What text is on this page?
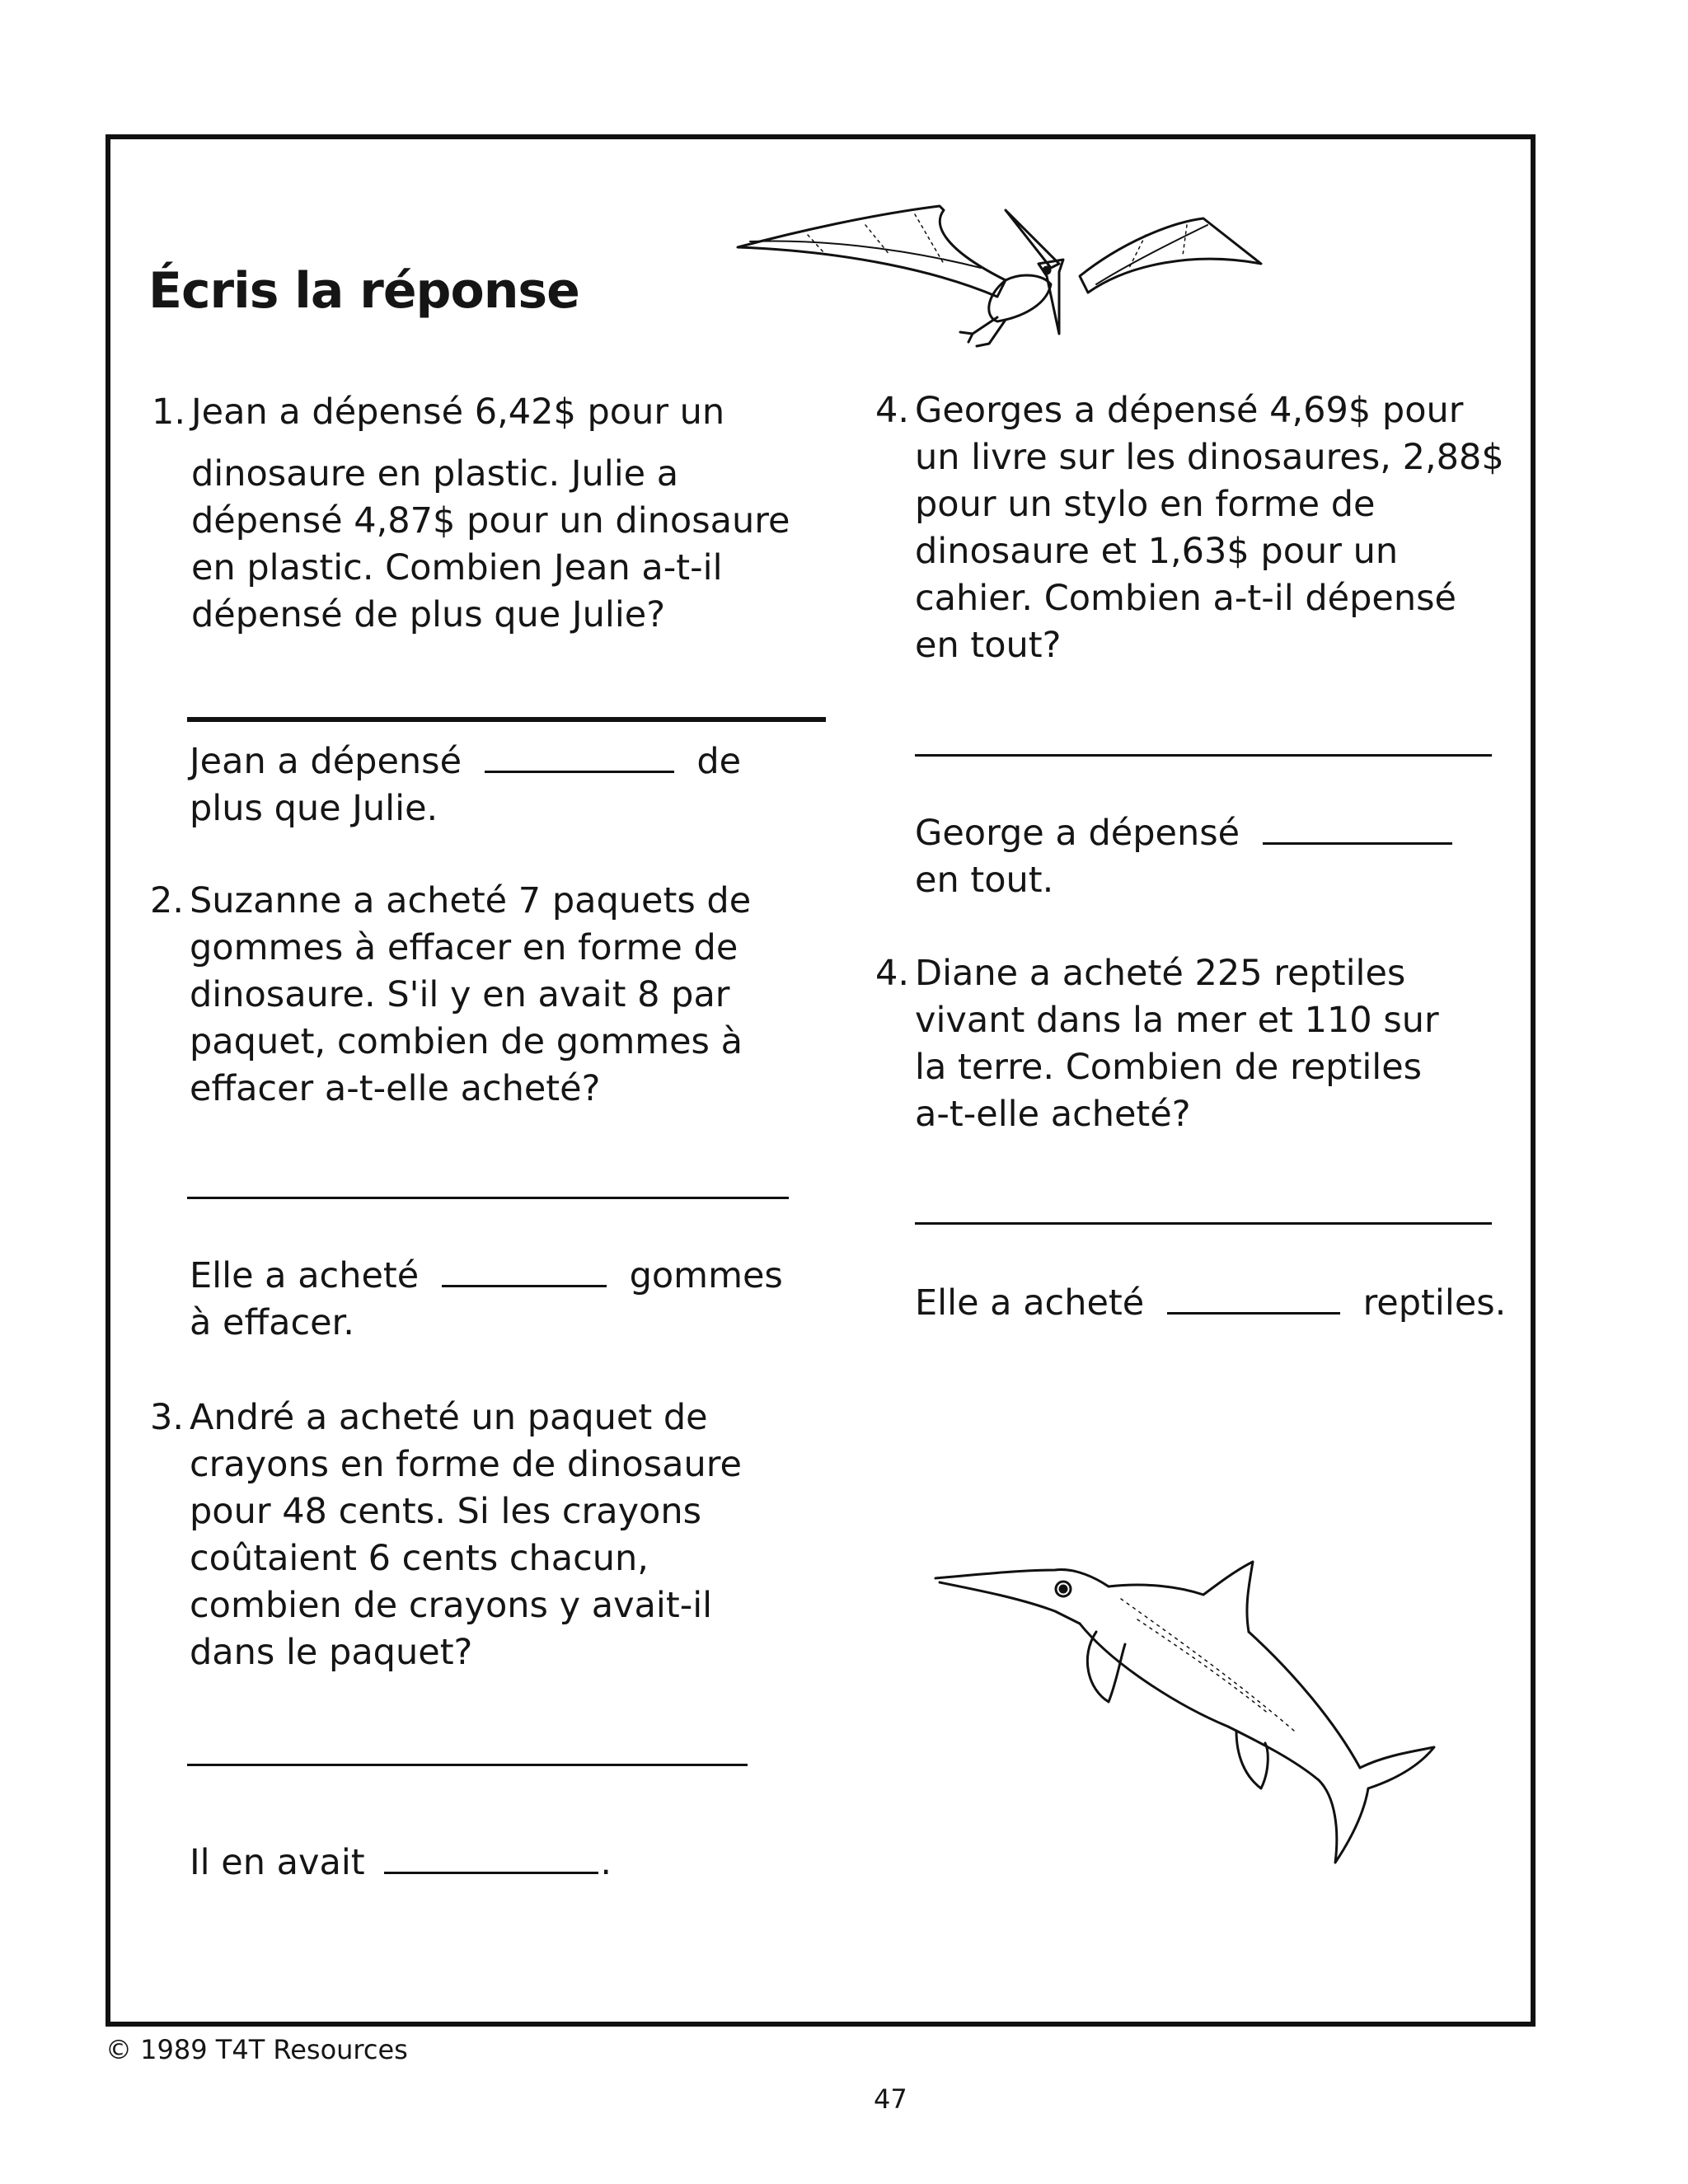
Écris la réponse
1. Jean a dépensé 6,42$ pour un
dinosaure en plastic. Julie a
dépensé 4,87$ pour un dinosaure
en plastic. Combien Jean a-t-il
dépensé de plus que Julie?
Jean a dépensé	de
plus que Julie.
2. Suzanne a acheté 7 paquets de
gommes à effacer en forme de
dinosaure. S'il y en avait 8 par
paquet, combien de gommes à
effacer a-t-elle acheté?
Elle a acheté	gommes
à effacer.
3. André a acheté un paquet de
crayons en forme de dinosaure
pour 48 cents. Si les crayons
coûtaient 6 cents chacun,
combien de crayons y avait-il
dans le paquet?
Il en avait	.
4. Georges a dépensé 4,69$ pour
un livre sur les dinosaures, 2,88$
pour un stylo en forme de
dinosaure et 1,63$ pour un
cahier. Combien a-t-il dépensé
en tout?
George a dépensé
en tout.
4. Diane a acheté 225 reptiles
vivant dans la mer et 110 sur
la terre. Combien de reptiles
a-t-elle acheté?
Elle a acheté	reptiles.
© 1989 T4T Resources
47
